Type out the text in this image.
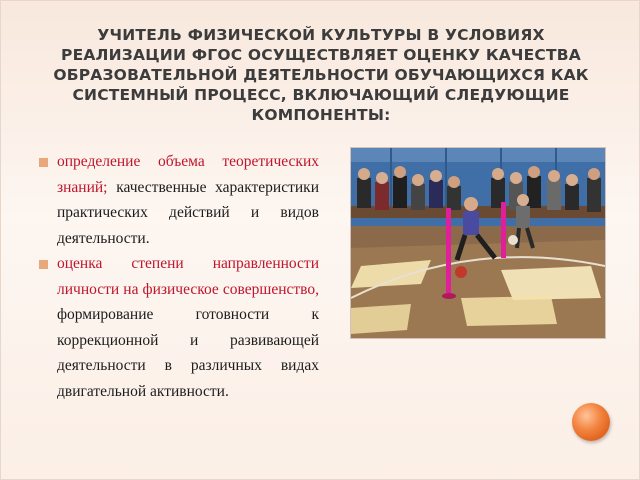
УЧИТЕЛЬ ФИЗИЧЕСКОЙ КУЛЬТУРЫ В УСЛОВИЯХ РЕАЛИЗАЦИИ ФГОС ОСУЩЕСТВЛЯЕТ ОЦЕНКУ КАЧЕСТВА ОБРАЗОВАТЕЛЬНОЙ ДЕЯТЕЛЬНОСТИ ОБУЧАЮЩИХСЯ КАК СИСТЕМНЫЙ ПРОЦЕСС, ВКЛЮЧАЮЩИЙ СЛЕДУЮЩИЕ КОМПОНЕНТЫ:
определение объема теоретических знаний; качественные характеристики практических действий и видов деятельности.
оценка степени направленности личности на физическое совершенство, формирование готовности к коррекционной и развивающей деятельности в различных видах двигательной активности.
